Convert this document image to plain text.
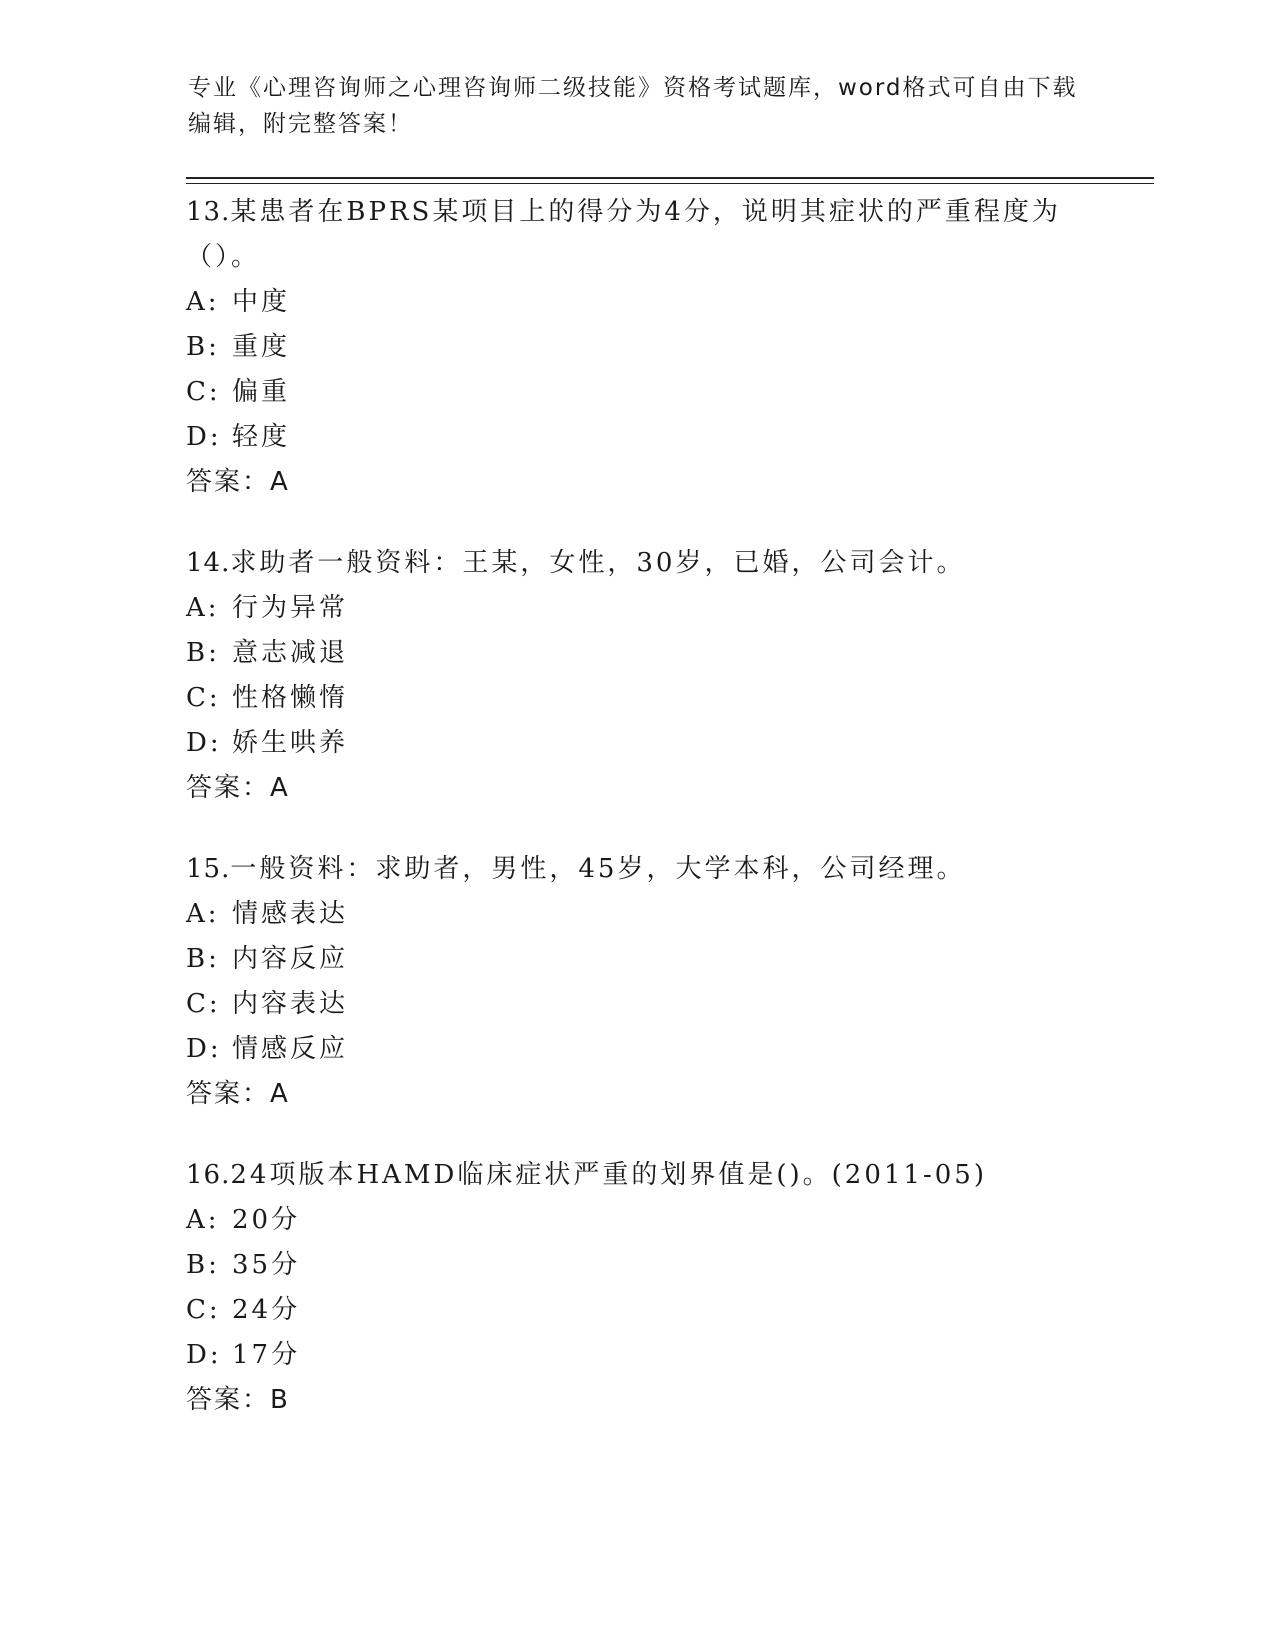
专业《心理咨询师之心理咨询师二级技能》资格考试题库，word格式可自由下载
编辑，附完整答案！

13.某患者在BPRS某项目上的得分为4分，说明其症状的严重程度为

（）。

A: 中度
B: 重度
C: 偏重
D: 轻度
答案：A

14.求助者一般资料：王某，女性，30岁，已婚，公司会计。

A: 行为异常
B: 意志减退
C: 性格懒惰
D: 娇生哄养
答案：A

15.一般资料：求助者，男性，45岁，大学本科，公司经理。

A: 情感表达
B: 内容反应
C: 内容表达
D: 情感反应
答案：A

16.24项版本HAMD临床症状严重的划界值是()。(2011-05)

A: 20分
B: 35分
C: 24分
D: 17分
答案：B
